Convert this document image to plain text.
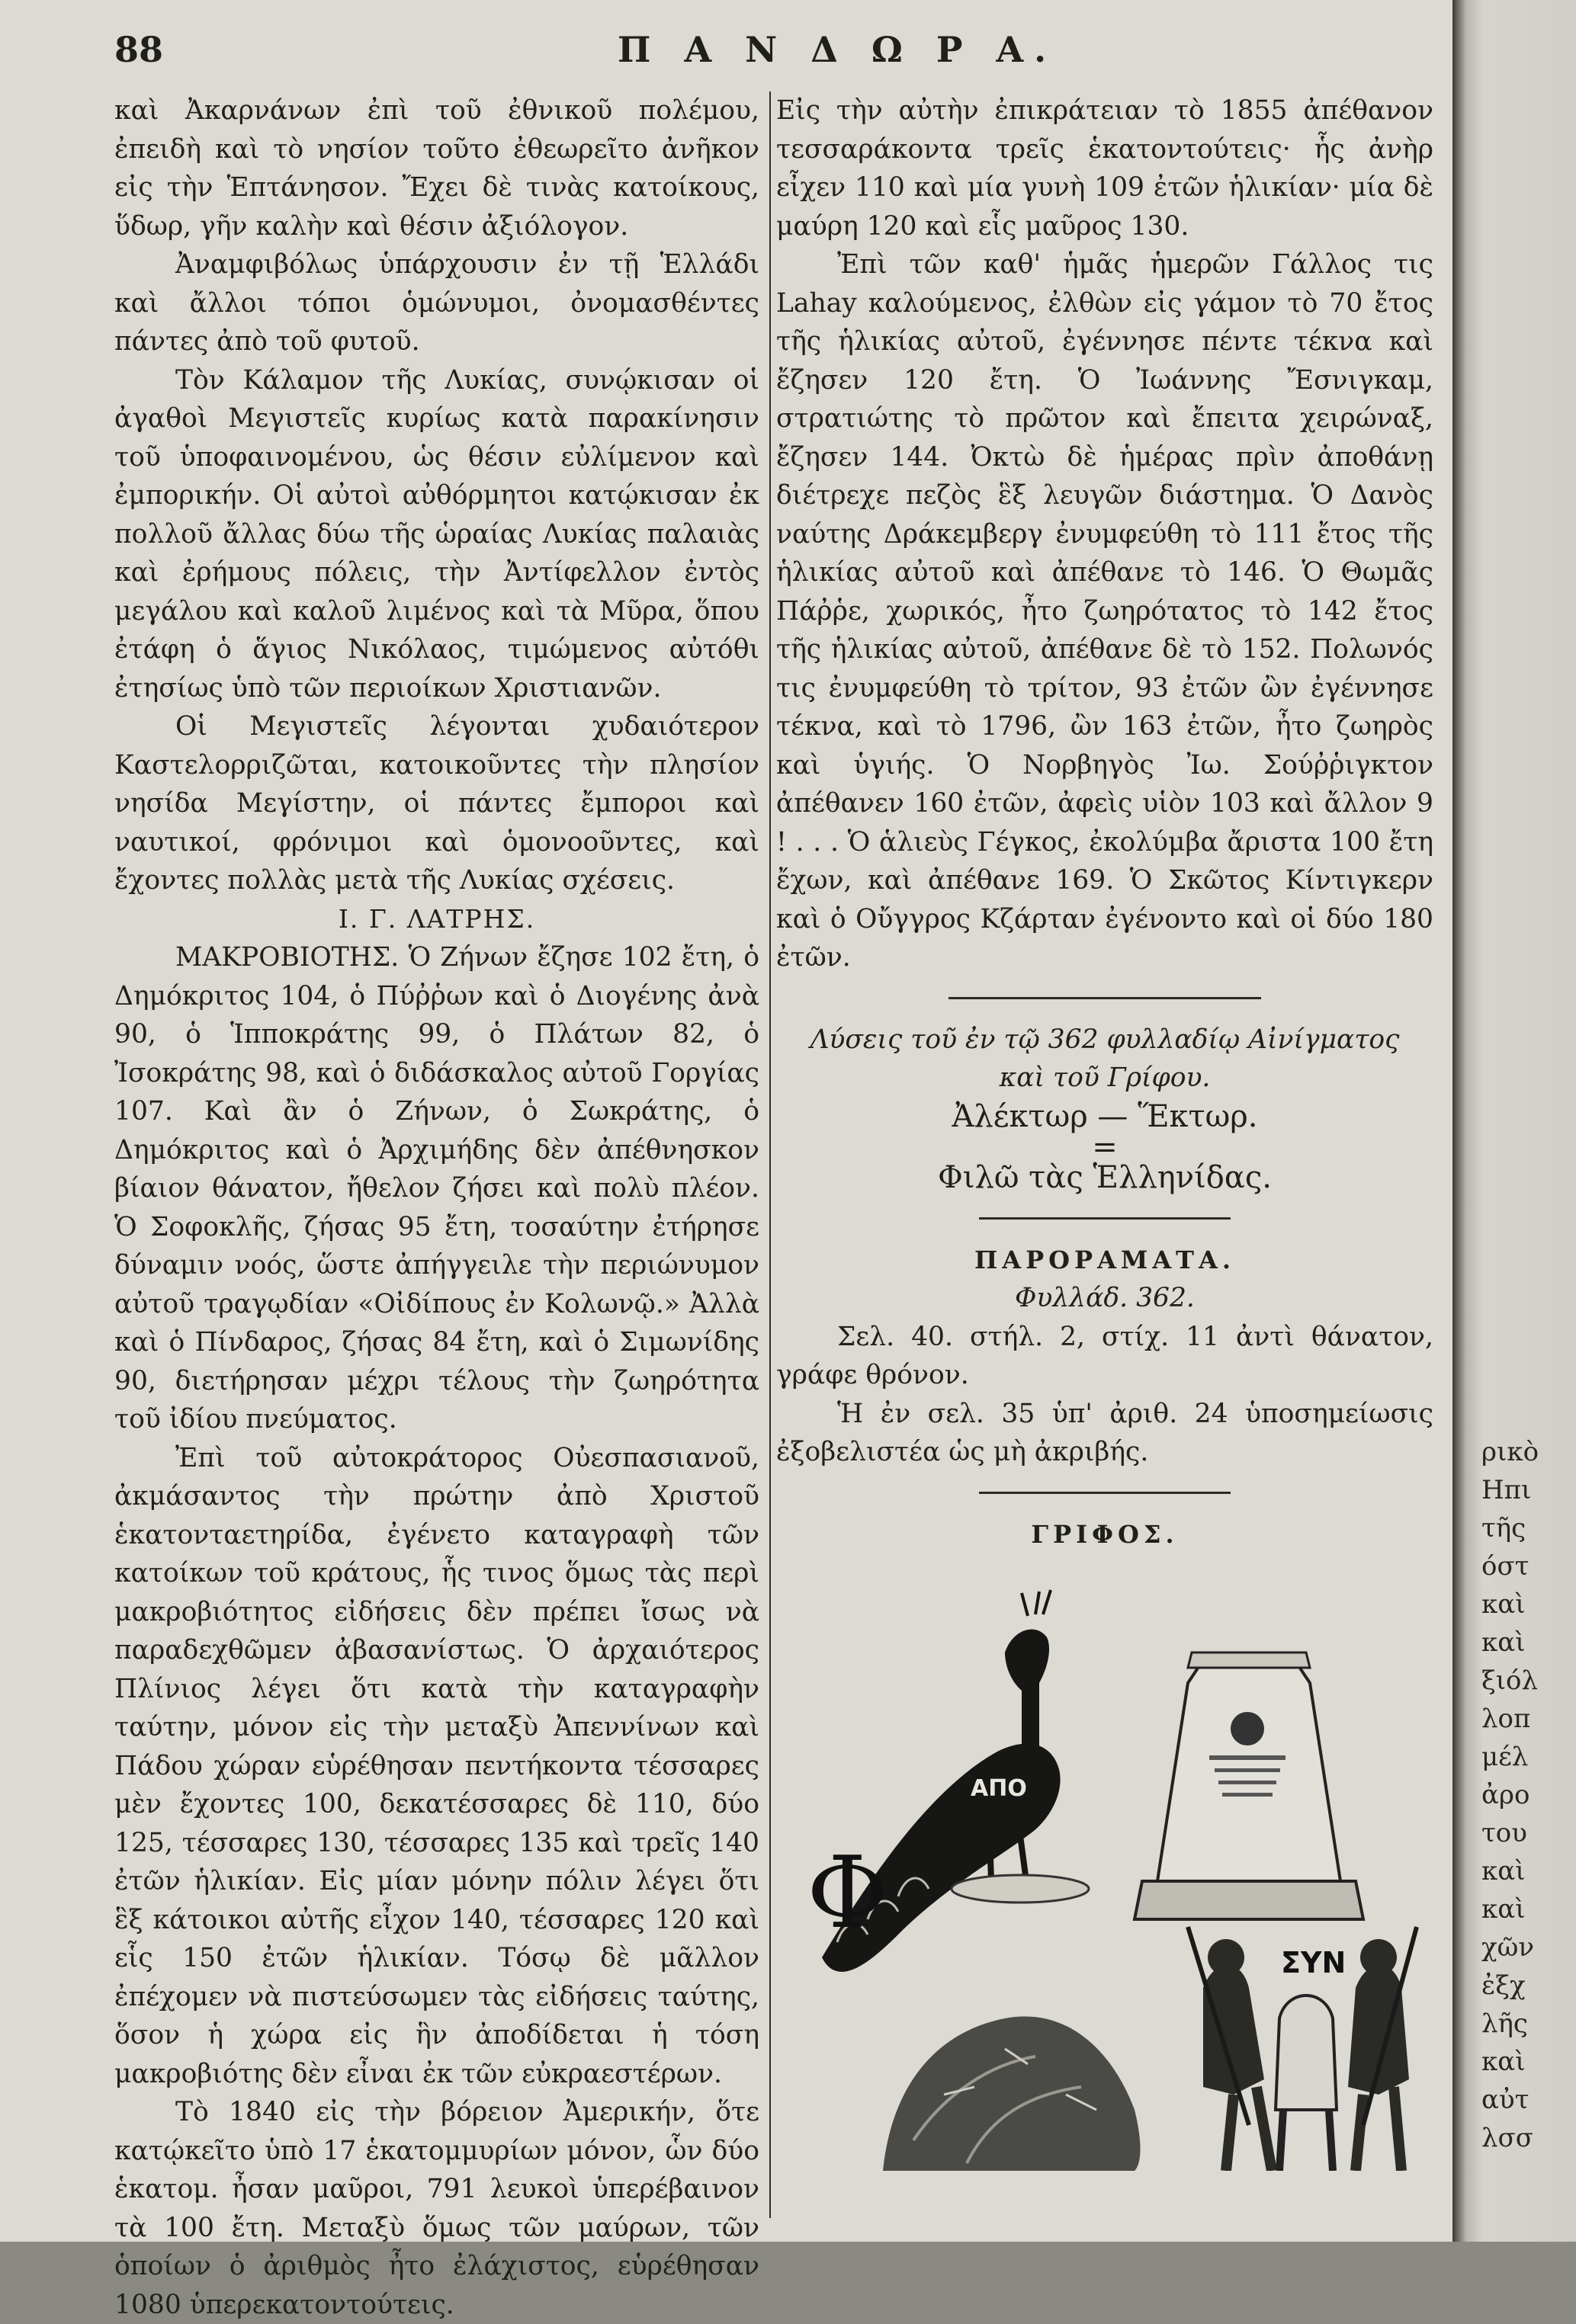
88	Π Α Ν Δ Ω Ρ Α.

καὶ Ἀκαρνάνων ἐπὶ τοῦ ἐθνικοῦ πολέμου, ἐπειδὴ καὶ τὸ νησίον τοῦτο ἐθεωρεῖτο ἀνῆκον εἰς τὴν Ἑπτάνησον. Ἔχει δὲ τινὰς κατοίκους, ὕδωρ, γῆν καλὴν καὶ θέσιν ἀξιόλογον.

Ἀναμφιβόλως ὑπάρχουσιν ἐν τῇ Ἑλλάδι καὶ ἄλλοι τόποι ὁμώνυμοι, ὀνομασθέντες πάντες ἀπὸ τοῦ φυτοῦ.

Τὸν Κάλαμον τῆς Λυκίας, συνῴκισαν οἱ ἀγαθοὶ Μεγιστεῖς κυρίως κατὰ παρακίνησιν τοῦ ὑποφαινομένου, ὡς θέσιν εὐλίμενον καὶ ἐμπορικήν. Οἱ αὐτοὶ αὐθόρμητοι κατῴκισαν ἐκ πολλοῦ ἄλλας δύω τῆς ὡραίας Λυκίας παλαιὰς καὶ ἐρήμους πόλεις, τὴν Ἀντίφελλον ἐντὸς μεγάλου καὶ καλοῦ λιμένος καὶ τὰ Μῦρα, ὅπου ἐτάφη ὁ ἅγιος Νικόλαος, τιμώμενος αὐτόθι ἐτησίως ὑπὸ τῶν περιοίκων Χριστιανῶν.

Οἱ Μεγιστεῖς λέγονται χυδαιότερον Καστελορριζῶται, κατοικοῦντες τὴν πλησίον νησίδα Μεγίστην, οἱ πάντες ἔμποροι καὶ ναυτικοί, φρόνιμοι καὶ ὁμονοοῦντες, καὶ ἔχοντες πολλὰς μετὰ τῆς Λυκίας σχέσεις.

Ι. Γ. ΛΑΤΡΗΣ.

ΜΑΚΡΟΒΙΟΤΗΣ. Ὁ Ζήνων ἔζησε 102 ἔτη, ὁ Δημόκριτος 104, ὁ Πύῤῥων καὶ ὁ Διογένης ἀνὰ 90, ὁ Ἱπποκράτης 99, ὁ Πλάτων 82, ὁ Ἰσοκράτης 98, καὶ ὁ διδάσκαλος αὐτοῦ Γοργίας 107. Καὶ ἂν ὁ Ζήνων, ὁ Σωκράτης, ὁ Δημόκριτος καὶ ὁ Ἀρχιμήδης δὲν ἀπέθνησκον βίαιον θάνατον, ἤθελον ζήσει καὶ πολὺ πλέον. Ὁ Σοφοκλῆς, ζήσας 95 ἔτη, τοσαύτην ἐτήρησε δύναμιν νοός, ὥστε ἀπήγγειλε τὴν περιώνυμον αὐτοῦ τραγῳδίαν «Οἰδίπους ἐν Κολωνῷ.» Ἀλλὰ καὶ ὁ Πίνδαρος, ζήσας 84 ἔτη, καὶ ὁ Σιμωνίδης 90, διετήρησαν μέχρι τέλους τὴν ζωηρότητα τοῦ ἰδίου πνεύματος.

Ἐπὶ τοῦ αὐτοκράτορος Οὐεσπασιανοῦ, ἀκμάσαντος τὴν πρώτην ἀπὸ Χριστοῦ ἑκατονταετηρίδα, ἐγένετο καταγραφὴ τῶν κατοίκων τοῦ κράτους, ἧς τινος ὅμως τὰς περὶ μακροβιότητος εἰδήσεις δὲν πρέπει ἴσως νὰ παραδεχθῶμεν ἀβασανίστως. Ὁ ἀρχαιότερος Πλίνιος λέγει ὅτι κατὰ τὴν καταγραφὴν ταύτην, μόνον εἰς τὴν μεταξὺ Ἀπεννίνων καὶ Πάδου χώραν εὑρέθησαν πεντήκοντα τέσσαρες μὲν ἔχοντες 100, δεκατέσσαρες δὲ 110, δύο 125, τέσσαρες 130, τέσσαρες 135 καὶ τρεῖς 140 ἐτῶν ἡλικίαν. Εἰς μίαν μόνην πόλιν λέγει ὅτι ἓξ κάτοικοι αὐτῆς εἶχον 140, τέσσαρες 120 καὶ εἷς 150 ἐτῶν ἡλικίαν. Τόσῳ δὲ μᾶλλον ἐπέχομεν νὰ πιστεύσωμεν τὰς εἰδήσεις ταύτης, ὅσον ἡ χώρα εἰς ἣν ἀποδίδεται ἡ τόση μακροβιότης δὲν εἶναι ἐκ τῶν εὐκραεστέρων.

Τὸ 1840 εἰς τὴν βόρειον Ἀμερικήν, ὅτε κατῴκεῖτο ὑπὸ 17 ἑκατομμυρίων μόνον, ὧν δύο ἑκατομ. ἦσαν μαῦροι, 791 λευκοὶ ὑπερέβαινον τὰ 100 ἔτη. Μεταξὺ ὅμως τῶν μαύρων, τῶν ὁποίων ὁ ἀριθμὸς ἦτο ἐλάχιστος, εὑρέθησαν 1080 ὑπερεκατοντούτεις.

Εἰς τὴν αὐτὴν ἐπικράτειαν τὸ 1855 ἀπέθανον τεσσαράκοντα τρεῖς ἑκατοντούτεις· ἧς ἀνὴρ εἶχεν 110 καὶ μία γυνὴ 109 ἐτῶν ἡλικίαν· μία δὲ μαύρη 120 καὶ εἷς μαῦρος 130.

Ἐπὶ τῶν καθ' ἡμᾶς ἡμερῶν Γάλλος τις Lahay καλούμενος, ἐλθὼν εἰς γάμον τὸ 70 ἔτος τῆς ἡλικίας αὐτοῦ, ἐγέννησε πέντε τέκνα καὶ ἔζησεν 120 ἔτη. Ὁ Ἰωάννης Ἔσνιγκαμ, στρατιώτης τὸ πρῶτον καὶ ἔπειτα χειρώναξ, ἔζησεν 144. Ὀκτὼ δὲ ἡμέρας πρὶν ἀποθάνῃ διέτρεχε πεζὸς ἓξ λευγῶν διάστημα. Ὁ Δανὸς ναύτης Δράκεμβεργ ἐνυμφεύθη τὸ 111 ἔτος τῆς ἡλικίας αὐτοῦ καὶ ἀπέθανε τὸ 146. Ὁ Θωμᾶς Πάῤῥε, χωρικός, ἦτο ζωηρότατος τὸ 142 ἔτος τῆς ἡλικίας αὐτοῦ, ἀπέθανε δὲ τὸ 152. Πολωνός τις ἐνυμφεύθη τὸ τρίτον, 93 ἐτῶν ὢν ἐγέννησε τέκνα, καὶ τὸ 1796, ὢν 163 ἐτῶν, ἦτο ζωηρὸς καὶ ὑγιής. Ὁ Νορβηγὸς Ἰω. Σούῤῥιγκτον ἀπέθανεν 160 ἐτῶν, ἀφεὶς υἱὸν 103 καὶ ἄλλον 9 ! . . . Ὁ ἁλιεὺς Γέγκος, ἐκολύμβα ἄριστα 100 ἔτη ἔχων, καὶ ἀπέθανε 169. Ὁ Σκῶτος Κίντιγκερν καὶ ὁ Οὔγγρος Κζάρταν ἐγένοντο καὶ οἱ δύο 180 ἐτῶν.

Λύσεις τοῦ ἐν τῷ 362 φυλλαδίῳ Αἰνίγματος

καὶ τοῦ Γρίφου.

Ἀλέκτωρ — Ἕκτωρ.

=

Φιλῶ τὰς Ἑλληνίδας.

ΠΑΡΟΡΑΜΑΤΑ.

Φυλλάδ. 362.

Σελ. 40. στήλ. 2, στίχ. 11 ἀντὶ θάνατον, γράφε θρόνον.

Ἡ ἐν σελ. 35 ὑπ' ἀριθ. 24 ὑποσημείωσις ἐξοβελιστέα ὡς μὴ ἀκριβής.

ΓΡΙΦΟΣ.

ΑΠΟ
ΣΥΝ
Φ
ρικὸ
Ηπι
τῆς
όστ
καὶ
καὶ
ξιόλ
λοπ
μέλ
ἀρο
του
καὶ
καὶ
χῶν
ἐξχ
λῆς
καὶ
αὐτ
λσσ
